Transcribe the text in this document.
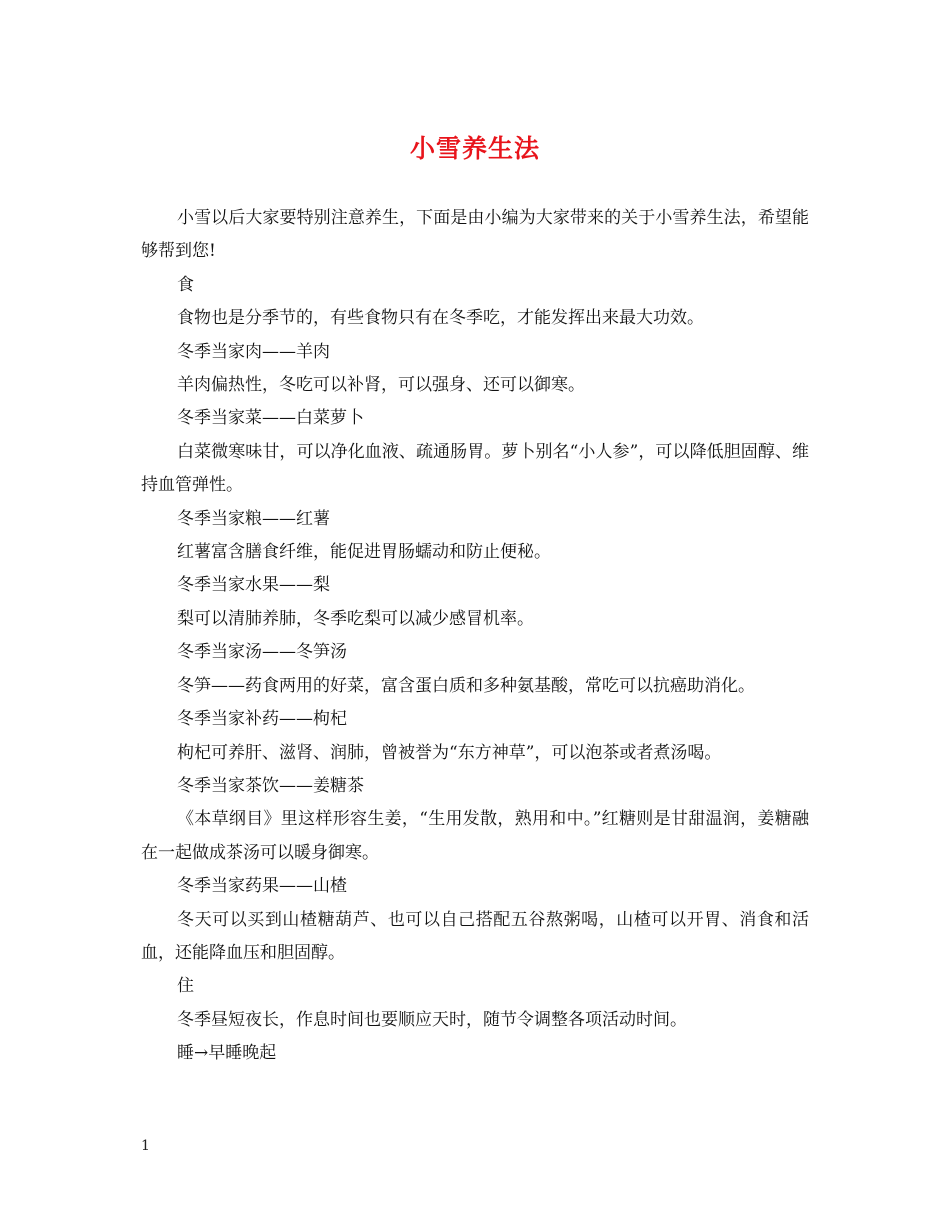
小雪养生法

小雪以后大家要特别注意养生，下面是由小编为大家带来的关于小雪养生法，希望能够帮到您!

食

食物也是分季节的，有些食物只有在冬季吃，才能发挥出来最大功效。

冬季当家肉——羊肉

羊肉偏热性，冬吃可以补肾，可以强身、还可以御寒。

冬季当家菜——白菜萝卜

白菜微寒味甘，可以净化血液、疏通肠胃。萝卜别名“小人参”，可以降低胆固醇、维持血管弹性。

冬季当家粮——红薯

红薯富含膳食纤维，能促进胃肠蠕动和防止便秘。

冬季当家水果——梨

梨可以清肺养肺，冬季吃梨可以减少感冒机率。

冬季当家汤——冬笋汤

冬笋——药食两用的好菜，富含蛋白质和多种氨基酸，常吃可以抗癌助消化。

冬季当家补药——枸杞

枸杞可养肝、滋肾、润肺，曾被誉为“东方神草”，可以泡茶或者煮汤喝。

冬季当家茶饮——姜糖茶

《本草纲目》里这样形容生姜，“生用发散，熟用和中。”红糖则是甘甜温润，姜糖融在一起做成茶汤可以暖身御寒。

冬季当家药果——山楂

冬天可以买到山楂糖葫芦、也可以自己搭配五谷熬粥喝，山楂可以开胃、消食和活血，还能降血压和胆固醇。

住

冬季昼短夜长，作息时间也要顺应天时，随节令调整各项活动时间。

睡→早睡晚起

1
